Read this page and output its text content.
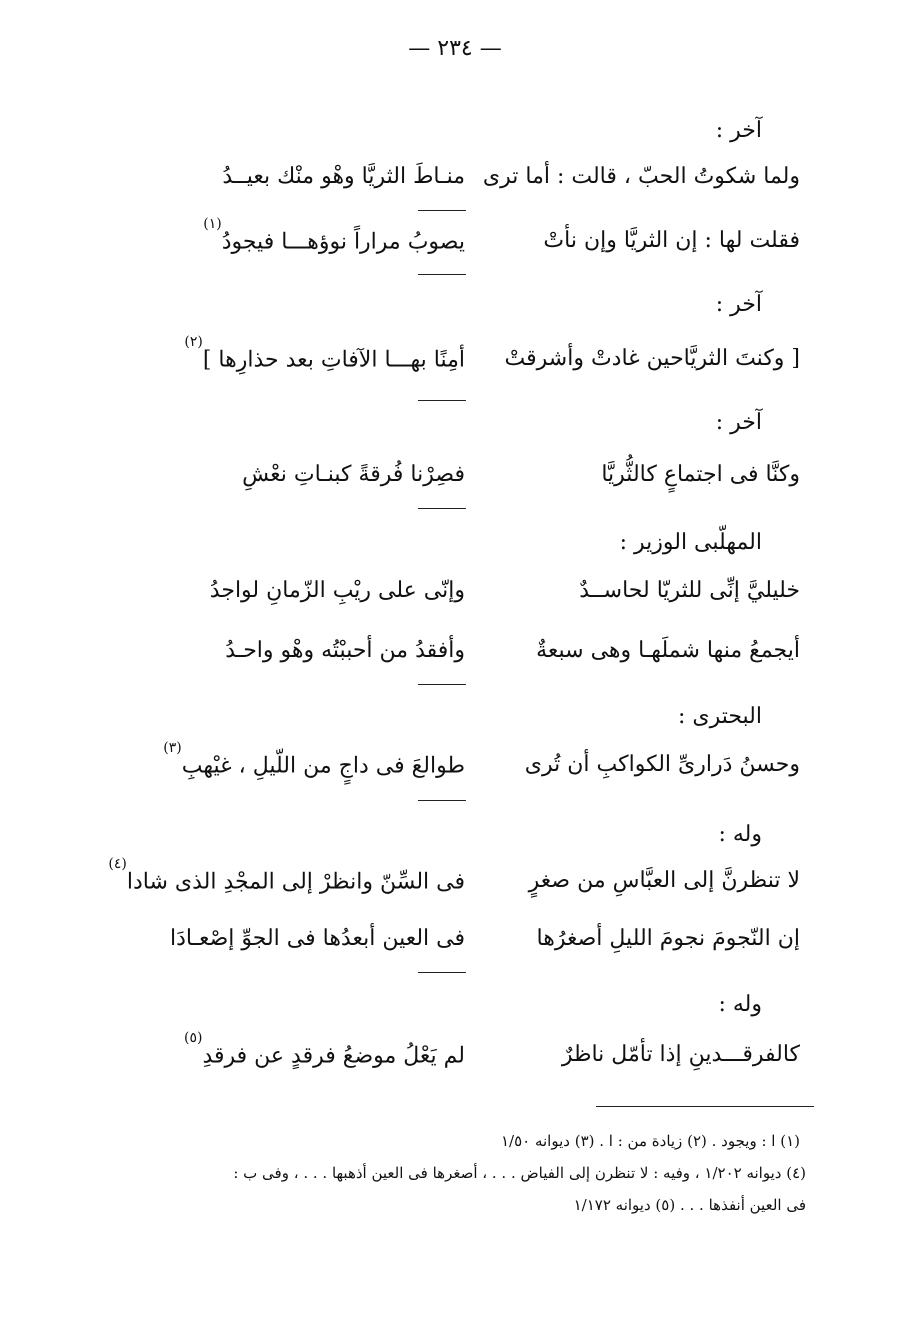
— ٢٣٤ —
آخر :
ولما شكوتُ الحبّ ، قالت : أما ترى
منـاطَ الثريَّا وهْو منْك بعيــدُ
فقلت لها : إن الثريَّا وإن نأتْ
يصوبُ مراراً نوؤهـــا فيجودُ$^{(١)}$
آخر :
[ وكنتَ الثريَّاحين غادتْ وأشرقتْ
أمِنًا بهـــا الآفاتِ بعد حذارِها ]$^{(٢)}$
آخر :
وكنَّا فى اجتماعٍ كالثُّريَّا
فصِرْنا فُرقةً كبنـاتِ نعْشِ
المهلّبى الوزير :
خليليَّ إنِّى للثريّا لحاســدٌ
وإنّى على ريْبِ الزّمانِ لواجدُ
أيجمعُ منها شملَهـا وهى سبعةٌ
وأفقدُ من أحببْتُه وهْو واحـدُ
البحترى :
وحسنُ دَرارىِّ الكواكبِ أن تُرى
طوالعَ فى داجٍ من اللّيلِ ، غيْهبِ$^{(٣)}$
وله :
لا تنظرنَّ إلى العبَّاسِ من صغرٍ
فى السِّنّ وانظرْ إلى المجْدِ الذى شادا$^{(٤)}$
إن النّجومَ نجومَ الليلِ أصغرُها
فى العين أبعدُها فى الجوِّ إصْعـادَا
وله :
كالفرقـــدينِ إذا تأمّل ناظرٌ
لم يَعْلُ موضعُ فرقدٍ عن فرقدِ$^{(٥)}$
(١) ا : ويجود . (٢) زيادة من : ا . (٣) ديوانه ١/٥٠
(٤) ديوانه ١/٢٠٢ ، وفيه : لا تنظرن إلى الفياض . . . ، أصغرها فى العين أذهبها . . . ، وفى ب :
فى العين أنفذها . . . (٥) ديوانه ١/١٧٢
